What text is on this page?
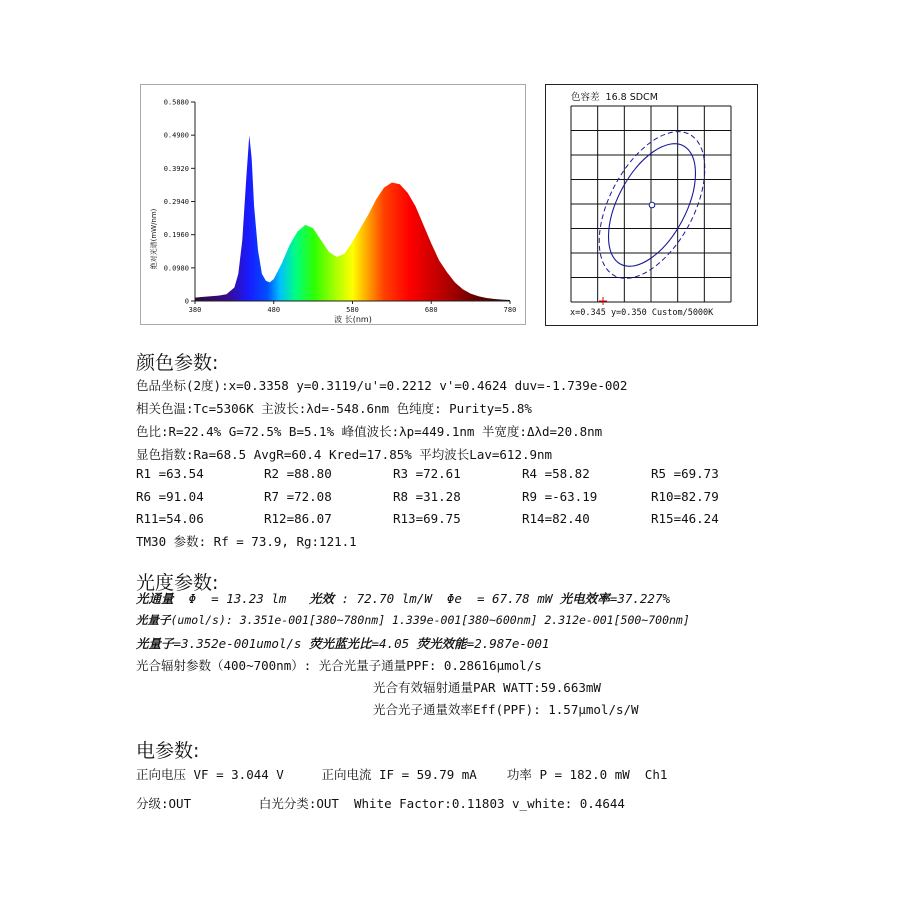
0
0.0980
0.1960
0.2940
0.3920
0.4900
0.5880
380	480	580	680	780
绝对光谱(mW/nm)
波 长(nm)
色容差  16.8 SDCM
x=0.345 y=0.350 Custom/5000K
颜色参数:
色品坐标(2度):x=0.3358 y=0.3119/u'=0.2212 v'=0.4624 duv=-1.739e-002
相关色温:Tc=5306K 主波长:λd=-548.6nm 色纯度: Purity=5.8%
色比:R=22.4% G=72.5% B=5.1% 峰值波长:λp=449.1nm 半宽度:Δλd=20.8nm
显色指数:Ra=68.5 AvgR=60.4 Kred=17.85% 平均波长Lav=612.9nm
R1 =63.54	R2 =88.80	R3 =72.61	R4 =58.82	R5 =69.73
R6 =91.04	R7 =72.08	R8 =31.28	R9 =-63.19	R10=82.79
R11=54.06	R12=86.07	R13=69.75	R14=82.40	R15=46.24
TM30 参数: Rf = 73.9, Rg:121.1
光度参数:
光通量  Φ  = 13.23 lm   光效 : 72.70 lm/W  Φe  = 67.78 mW 光电效率=37.227%
光量子(umol/s): 3.351e-001[380~780nm] 1.339e-001[380~600nm] 2.312e-001[500~700nm]
光量子=3.352e-001umol/s 荧光蓝光比=4.05 荧光效能=2.987e-001
光合辐射参数（400~700nm）: 光合光量子通量PPF: 0.28616μmol/s
光合有效辐射通量PAR WATT:59.663mW
光合光子通量效率Eff(PPF): 1.57μmol/s/W
电参数:
正向电压 VF = 3.044 V     正向电流 IF = 59.79 mA    功率 P = 182.0 mW  Ch1
分级:OUT         白光分类:OUT  White Factor:0.11803 v_white: 0.4644
